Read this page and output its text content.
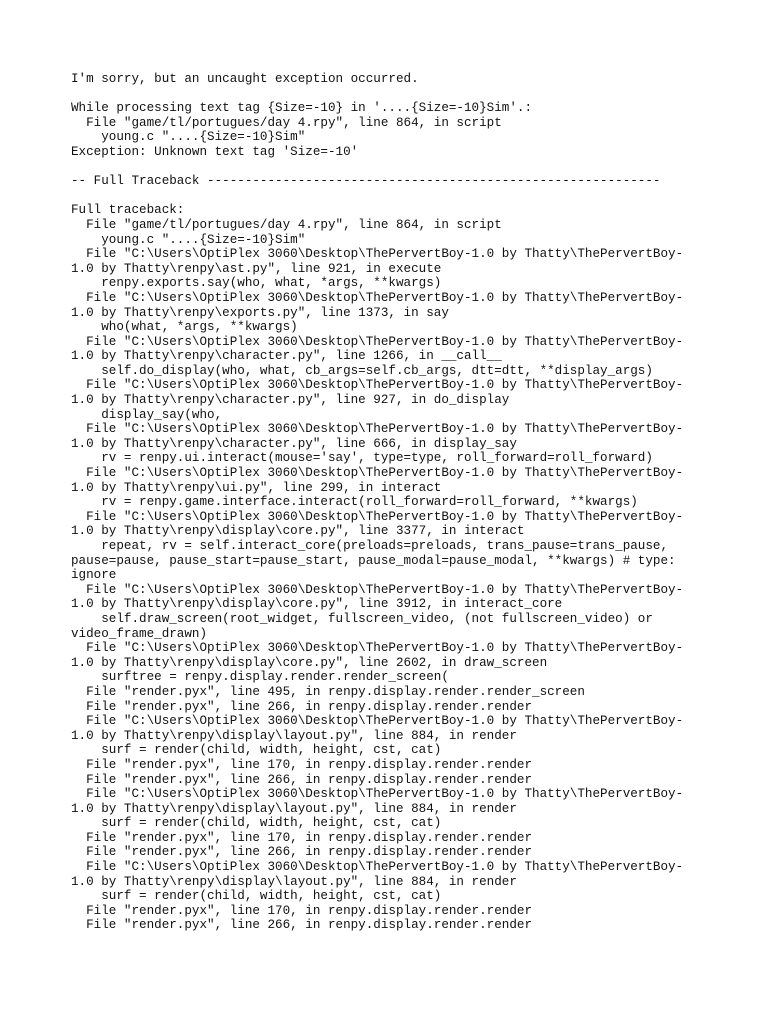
I'm sorry, but an uncaught exception occurred.
While processing text tag {Size=-10} in '....{Size=-10}Sim'.:
File "game/tl/portugues/day 4.rpy", line 864, in script
young.c "....{Size=-10}Sim"
Exception: Unknown text tag 'Size=-10'
-- Full Traceback ------------------------------------------------------------
Full traceback:
File "game/tl/portugues/day 4.rpy", line 864, in script
young.c "....{Size=-10}Sim"
File "C:\Users\OptiPlex 3060\Desktop\ThePervertBoy-1.0 by Thatty\ThePervertBoy-
1.0 by Thatty\renpy\ast.py", line 921, in execute
renpy.exports.say(who, what, *args, **kwargs)
File "C:\Users\OptiPlex 3060\Desktop\ThePervertBoy-1.0 by Thatty\ThePervertBoy-
1.0 by Thatty\renpy\exports.py", line 1373, in say
who(what, *args, **kwargs)
File "C:\Users\OptiPlex 3060\Desktop\ThePervertBoy-1.0 by Thatty\ThePervertBoy-
1.0 by Thatty\renpy\character.py", line 1266, in __call__
self.do_display(who, what, cb_args=self.cb_args, dtt=dtt, **display_args)
File "C:\Users\OptiPlex 3060\Desktop\ThePervertBoy-1.0 by Thatty\ThePervertBoy-
1.0 by Thatty\renpy\character.py", line 927, in do_display
display_say(who,
File "C:\Users\OptiPlex 3060\Desktop\ThePervertBoy-1.0 by Thatty\ThePervertBoy-
1.0 by Thatty\renpy\character.py", line 666, in display_say
rv = renpy.ui.interact(mouse='say', type=type, roll_forward=roll_forward)
File "C:\Users\OptiPlex 3060\Desktop\ThePervertBoy-1.0 by Thatty\ThePervertBoy-
1.0 by Thatty\renpy\ui.py", line 299, in interact
rv = renpy.game.interface.interact(roll_forward=roll_forward, **kwargs)
File "C:\Users\OptiPlex 3060\Desktop\ThePervertBoy-1.0 by Thatty\ThePervertBoy-
1.0 by Thatty\renpy\display\core.py", line 3377, in interact
repeat, rv = self.interact_core(preloads=preloads, trans_pause=trans_pause,
pause=pause, pause_start=pause_start, pause_modal=pause_modal, **kwargs) # type:
ignore
File "C:\Users\OptiPlex 3060\Desktop\ThePervertBoy-1.0 by Thatty\ThePervertBoy-
1.0 by Thatty\renpy\display\core.py", line 3912, in interact_core
self.draw_screen(root_widget, fullscreen_video, (not fullscreen_video) or
video_frame_drawn)
File "C:\Users\OptiPlex 3060\Desktop\ThePervertBoy-1.0 by Thatty\ThePervertBoy-
1.0 by Thatty\renpy\display\core.py", line 2602, in draw_screen
surftree = renpy.display.render.render_screen(
File "render.pyx", line 495, in renpy.display.render.render_screen
File "render.pyx", line 266, in renpy.display.render.render
File "C:\Users\OptiPlex 3060\Desktop\ThePervertBoy-1.0 by Thatty\ThePervertBoy-
1.0 by Thatty\renpy\display\layout.py", line 884, in render
surf = render(child, width, height, cst, cat)
File "render.pyx", line 170, in renpy.display.render.render
File "render.pyx", line 266, in renpy.display.render.render
File "C:\Users\OptiPlex 3060\Desktop\ThePervertBoy-1.0 by Thatty\ThePervertBoy-
1.0 by Thatty\renpy\display\layout.py", line 884, in render
surf = render(child, width, height, cst, cat)
File "render.pyx", line 170, in renpy.display.render.render
File "render.pyx", line 266, in renpy.display.render.render
File "C:\Users\OptiPlex 3060\Desktop\ThePervertBoy-1.0 by Thatty\ThePervertBoy-
1.0 by Thatty\renpy\display\layout.py", line 884, in render
surf = render(child, width, height, cst, cat)
File "render.pyx", line 170, in renpy.display.render.render
File "render.pyx", line 266, in renpy.display.render.render
